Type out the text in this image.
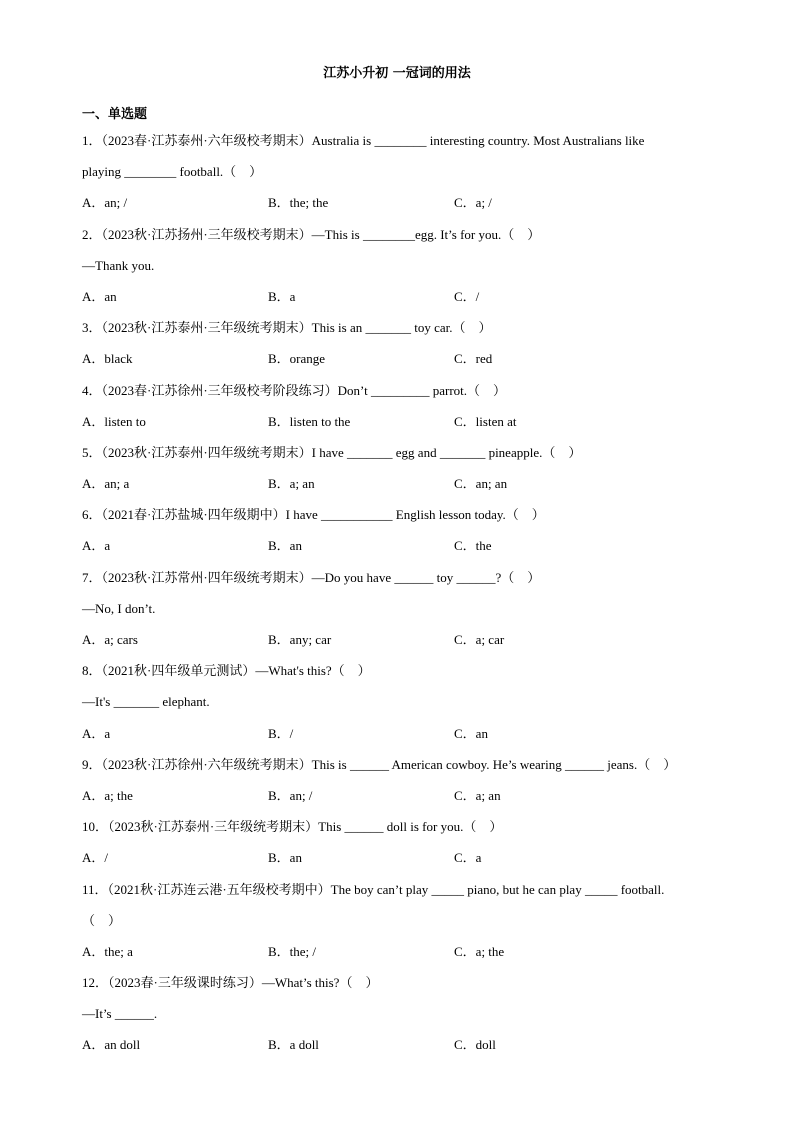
江苏小升初 一冠词的用法
一、单选题
1．（2023春·江苏泰州·六年级校考期末）Australia is ________ interesting country. Most Australians like
playing ________ football.（　）
A．an; /	B．the; the	C．a; /
2．（2023秋·江苏扬州·三年级校考期末）—This is ________egg. It’s for you.（　）
—Thank you.
A．an	B．a	C．/
3．（2023秋·江苏泰州·三年级统考期末）This is an _______ toy car.（　）
A．black	B．orange	C．red
4．（2023春·江苏徐州·三年级校考阶段练习）Don’t _________ parrot.（　）
A．listen to	B．listen to the	C．listen at
5．（2023秋·江苏泰州·四年级统考期末）I have _______ egg and _______ pineapple.（　）
A．an; a	B．a; an	C．an; an
6．（2021春·江苏盐城·四年级期中）I have ___________ English lesson today.（　）
A．a	B．an	C．the
7．（2023秋·江苏常州·四年级统考期末）—Do you have ______ toy ______?（　）
—No, I don’t.
A．a; cars	B．any; car	C．a; car
8．（2021秋·四年级单元测试）—What's this?（　）
—It's _______ elephant.
A．a	B．/	C．an
9．（2023秋·江苏徐州·六年级统考期末）This is ______ American cowboy. He’s wearing ______ jeans.（　）
A．a; the	B．an; /	C．a; an
10．（2023秋·江苏泰州·三年级统考期末）This ______ doll is for you.（　）
A．/	B．an	C．a
11．（2021秋·江苏连云港·五年级校考期中）The boy can’t play _____ piano, but he can play _____ football.
（　）
A．the; a	B．the; /	C．a; the
12．（2023春·三年级课时练习）—What’s this?（　）
—It’s ______.
A．an doll	B．a doll	C．doll
